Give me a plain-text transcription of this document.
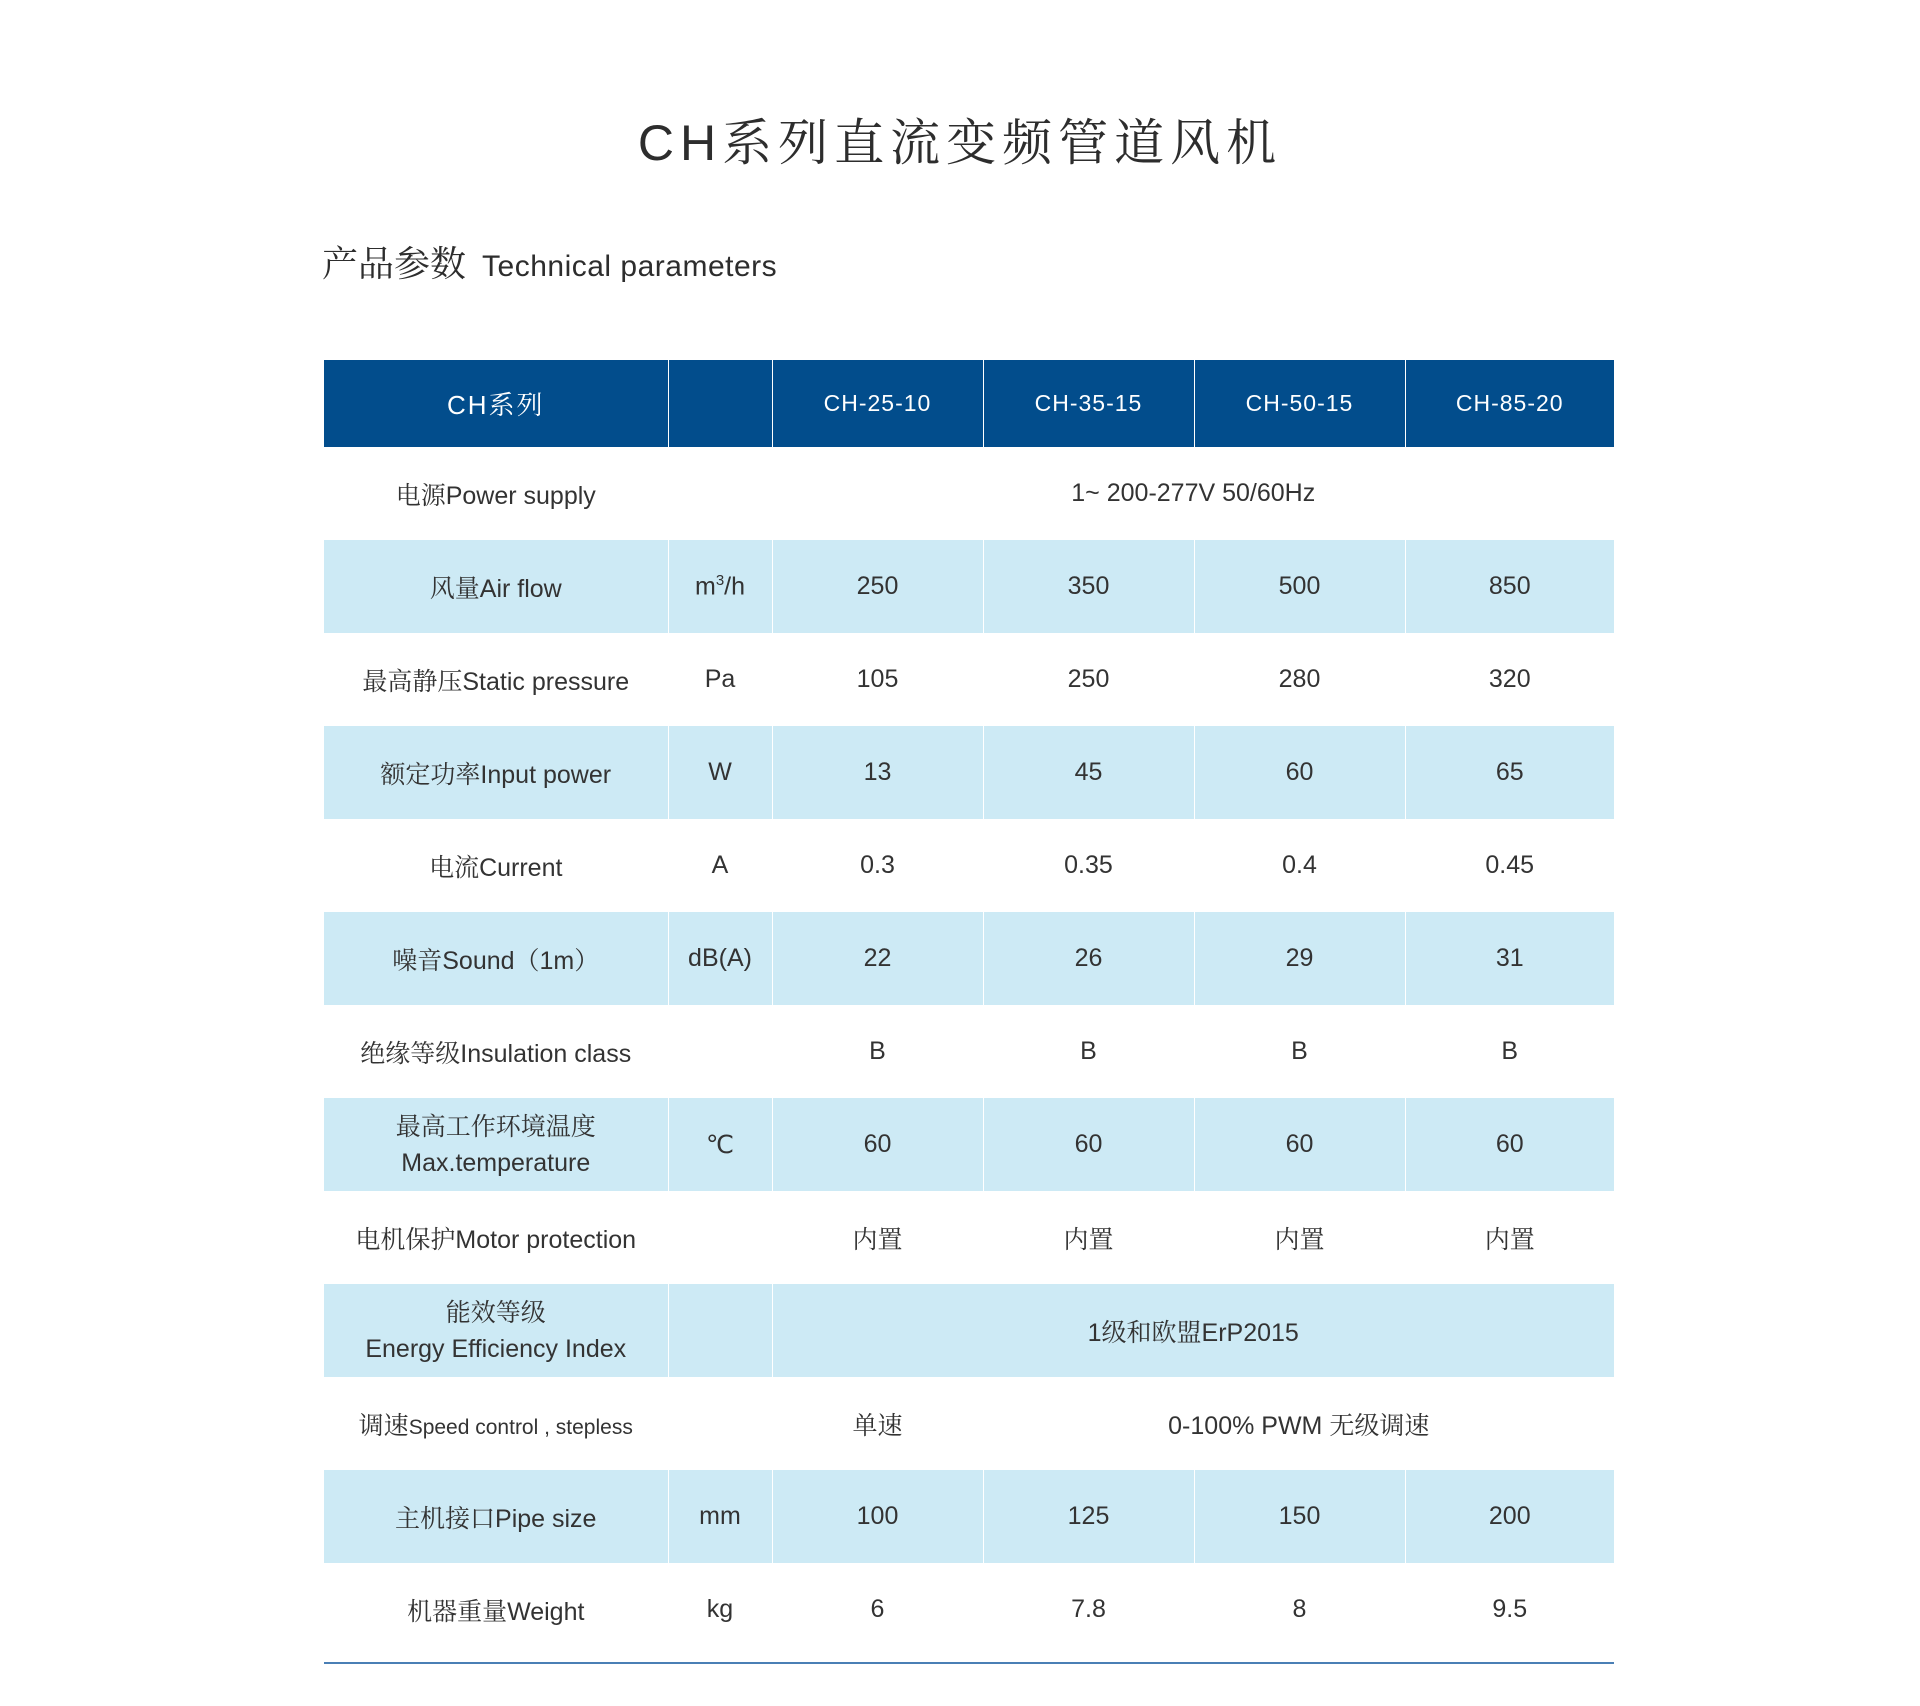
CH系列直流变频管道风机
产品参数 Technical parameters
CH系列		CH-25-10	CH-35-15	CH-50-15	CH-85-20
电源Power supply		1~ 200-277V 50/60Hz			
风量Air flow	$m^3/h$	250	350	500	850
最高静压Static pressure	Pa	105	250	280	320
额定功率Input power	W	13	45	60	65
电流Current	A	0.3	0.35	0.4	0.45
噪音Sound（1m）	dB(A)	22	26	29	31
绝缘等级Insulation class		B	B	B	B

最高工作环境温度
Max.temperature	℃	60	60	60	60
电机保护Motor protection		内置	内置	内置	内置

能效等级
Energy Efficiency Index		1级和欧盟ErP2015			
调速Speed control , stepless		单速	0-100% PWM 无级调速		
主机接口Pipe size	mm	100	125	150	200
机器重量Weight	kg	6	7.8	8	9.5
